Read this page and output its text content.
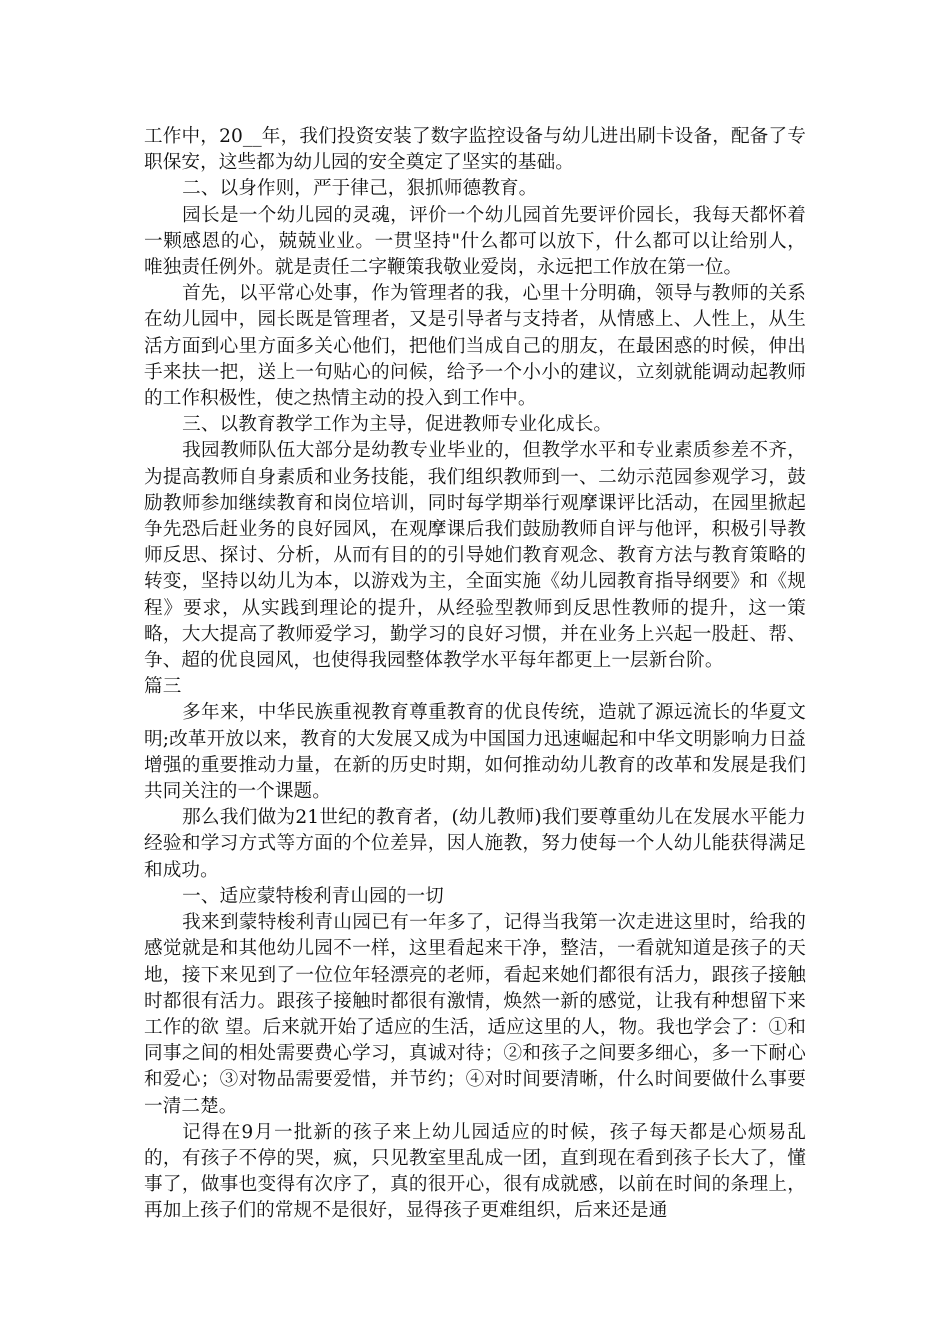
工作中，20__年，我们投资安装了数字监控设备与幼儿进出刷卡设备，配备了专职保安，这些都为幼儿园的安全奠定了坚实的基础。

二、以身作则，严于律己，狠抓师德教育。

园长是一个幼儿园的灵魂，评价一个幼儿园首先要评价园长，我每天都怀着一颗感恩的心，兢兢业业。一贯坚持"什么都可以放下，什么都可以让给别人，唯独责任例外。就是责任二字鞭策我敬业爱岗，永远把工作放在第一位。

首先，以平常心处事，作为管理者的我，心里十分明确，领导与教师的关系在幼儿园中，园长既是管理者，又是引导者与支持者，从情感上、人性上，从生活方面到心里方面多关心他们，把他们当成自己的朋友，在最困惑的时候，伸出手来扶一把，送上一句贴心的问候，给予一个小小的建议，立刻就能调动起教师的工作积极性，使之热情主动的投入到工作中。

三、以教育教学工作为主导，促进教师专业化成长。

我园教师队伍大部分是幼教专业毕业的，但教学水平和专业素质参差不齐，为提高教师自身素质和业务技能，我们组织教师到一、二幼示范园参观学习，鼓励教师参加继续教育和岗位培训，同时每学期举行观摩课评比活动，在园里掀起争先恐后赶业务的良好园风，在观摩课后我们鼓励教师自评与他评，积极引导教师反思、探讨、分析，从而有目的的引导她们教育观念、教育方法与教育策略的转变，坚持以幼儿为本，以游戏为主，全面实施《幼儿园教育指导纲要》和《规程》要求，从实践到理论的提升，从经验型教师到反思性教师的提升，这一策略，大大提高了教师爱学习，勤学习的良好习惯，并在业务上兴起一股赶、帮、争、超的优良园风，也使得我园整体教学水平每年都更上一层新台阶。

篇三

多年来，中华民族重视教育尊重教育的优良传统，造就了源远流长的华夏文明;改革开放以来，教育的大发展又成为中国国力迅速崛起和中华文明影响力日益增强的重要推动力量，在新的历史时期，如何推动幼儿教育的改革和发展是我们共同关注的一个课题。

那么我们做为21世纪的教育者，(幼儿教师)我们要尊重幼儿在发展水平能力经验和学习方式等方面的个位差异，因人施教，努力使每一个人幼儿能获得满足和成功。

一、适应蒙特梭利青山园的一切

我来到蒙特梭利青山园已有一年多了，记得当我第一次走进这里时，给我的感觉就是和其他幼儿园不一样，这里看起来干净，整洁，一看就知道是孩子的天地，接下来见到了一位位年轻漂亮的老师，看起来她们都很有活力，跟孩子接触时都很有活力。跟孩子接触时都很有激情，焕然一新的感觉，让我有种想留下来工作的欲 望。后来就开始了适应的生活，适应这里的人，物。我也学会了：①和同事之间的相处需要费心学习，真诚对待；②和孩子之间要多细心，多一下耐心和爱心；③对物品需要爱惜，并节约；④对时间要清晰，什么时间要做什么事要一清二楚。

记得在9月一批新的孩子来上幼儿园适应的时候，孩子每天都是心烦易乱的，有孩子不停的哭，疯，只见教室里乱成一团，直到现在看到孩子长大了，懂事了，做事也变得有次序了，真的很开心，很有成就感，以前在时间的条理上，再加上孩子们的常规不是很好，显得孩子更难组织，后来还是通
